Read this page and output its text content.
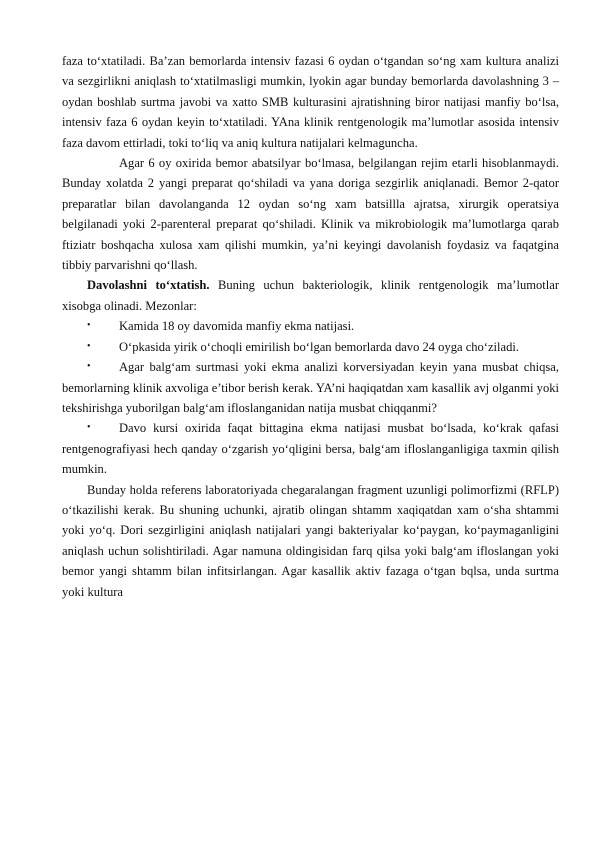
faza to‘xtatiladi. Ba’zan bemorlarda intensiv fazasi 6 oydan o‘tgandan so‘ng xam kultura analizi va sezgirlikni aniqlash to‘xtatilmasligi mumkin, lyokin agar bunday bemorlarda davolashning 3 –oydan boshlab surtma javobi va xatto SMB kulturasini ajratishning biror natijasi manfiy bo‘lsa, intensiv faza 6 oydan keyin to‘xtatiladi. YAna klinik rentgenologik ma’lumotlar asosida intensiv faza davom ettirladi, toki to‘liq va aniq kultura natijalari kelmaguncha.

Agar 6 oy oxirida bemor abatsilyar bo‘lmasa, belgilangan rejim etarli hisoblanmaydi. Bunday xolatda 2 yangi preparat qo‘shiladi va yana doriga sezgirlik aniqlanadi. Bemor 2-qator preparatlar bilan davolanganda 12 oydan so‘ng xam batsillla ajratsa, xirurgik operatsiya belgilanadi yoki 2-parenteral preparat qo‘shiladi. Klinik va mikrobiologik ma’lumotlarga qarab ftiziatr boshqacha xulosa xam qilishi mumkin, ya’ni keyingi davolanish foydasiz va faqatgina tibbiy parvarishni qo‘llash.

Davolashni to‘xtatish. Buning uchun bakteriologik, klinik rentgenologik ma’lumotlar xisobga olinadi. Mezonlar:

• Kamida 18 oy davomida manfiy ekma natijasi.

• O‘pkasida yirik o‘choqli emirilish bo‘lgan bemorlarda davo 24 oyga cho‘ziladi.

• Agar balg‘am surtmasi yoki ekma analizi korversiyadan keyin yana musbat chiqsa, bemorlarning klinik axvoliga e’tibor berish kerak. YA’ni haqiqatdan xam kasallik avj olganmi yoki tekshirishga yuborilgan balg‘am ifloslanganidan natija musbat chiqqanmi?

• Davo kursi oxirida faqat bittagina ekma natijasi musbat bo‘lsada, ko‘krak qafasi rentgenografiyasi hech qanday o‘zgarish yo‘qligini bersa, balg‘am ifloslanganligiga taxmin qilish mumkin.

Bunday holda referens laboratoriyada chegaralangan fragment uzunligi polimorfizmi (RFLP) o‘tkazilishi kerak. Bu shuning uchunki, ajratib olingan shtamm xaqiqatdan xam o‘sha shtammi yoki yo‘q. Dori sezgirligini aniqlash natijalari yangi bakteriyalar ko‘paygan, ko‘paymaganligini aniqlash uchun solishtiriladi. Agar namuna oldingisidan farq qilsa yoki balg‘am ifloslangan yoki bemor yangi shtamm bilan infitsirlangan. Agar kasallik aktiv fazaga o‘tgan bqlsa, unda surtma yoki kultura
